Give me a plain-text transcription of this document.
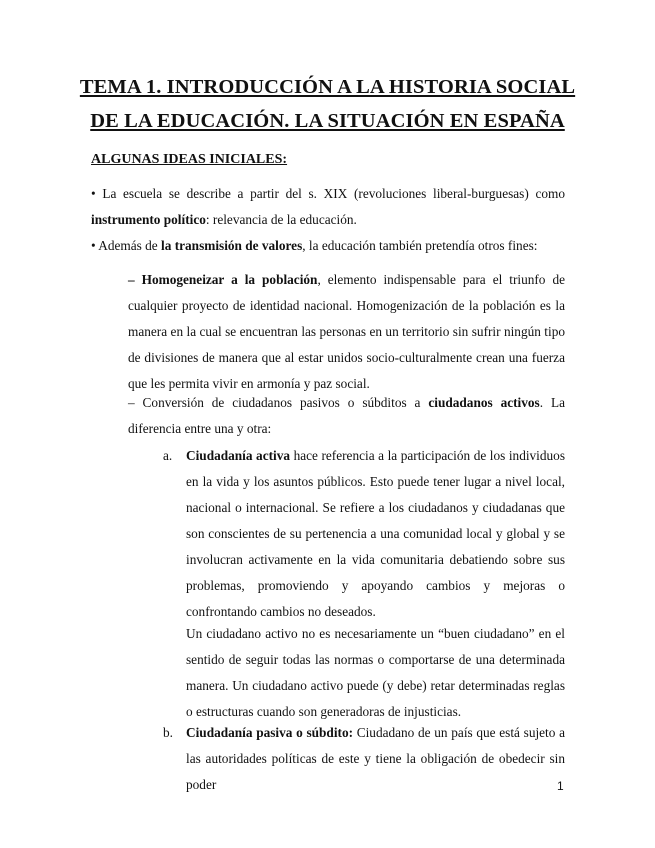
TEMA 1. INTRODUCCIÓN A LA HISTORIA SOCIAL
DE LA EDUCACIÓN. LA SITUACIÓN EN ESPAÑA
ALGUNAS IDEAS INICIALES:

• La escuela se describe a partir del s. XIX (revoluciones liberal-burguesas) como instrumento político: relevancia de la educación.

• Además de la transmisión de valores, la educación también pretendía otros fines:

– Homogeneizar a la población, elemento indispensable para el triunfo de cualquier proyecto de identidad nacional. Homogenización de la población es la manera en la cual se encuentran las personas en un territorio sin sufrir ningún tipo de divisiones de manera que al estar unidos socio-culturalmente crean una fuerza que les permita vivir en armonía y paz social.

– Conversión de ciudadanos pasivos o súbditos a ciudadanos activos. La diferencia entre una y otra:

a. Ciudadanía activa hace referencia a la participación de los individuos en la vida y los asuntos públicos. Esto puede tener lugar a nivel local, nacional o internacional. Se refiere a los ciudadanos y ciudadanas que son conscientes de su pertenencia a una comunidad local y global y se involucran activamente en la vida comunitaria debatiendo sobre sus problemas, promoviendo y apoyando cambios y mejoras o confrontando cambios no deseados.

Un ciudadano activo no es necesariamente un “buen ciudadano” en el sentido de seguir todas las normas o comportarse de una determinada manera. Un ciudadano activo puede (y debe) retar determinadas reglas o estructuras cuando son generadoras de injusticias.

b. Ciudadanía pasiva o súbdito: Ciudadano de un país que está sujeto a las autoridades políticas de este y tiene la obligación de obedecir sin poder	1
